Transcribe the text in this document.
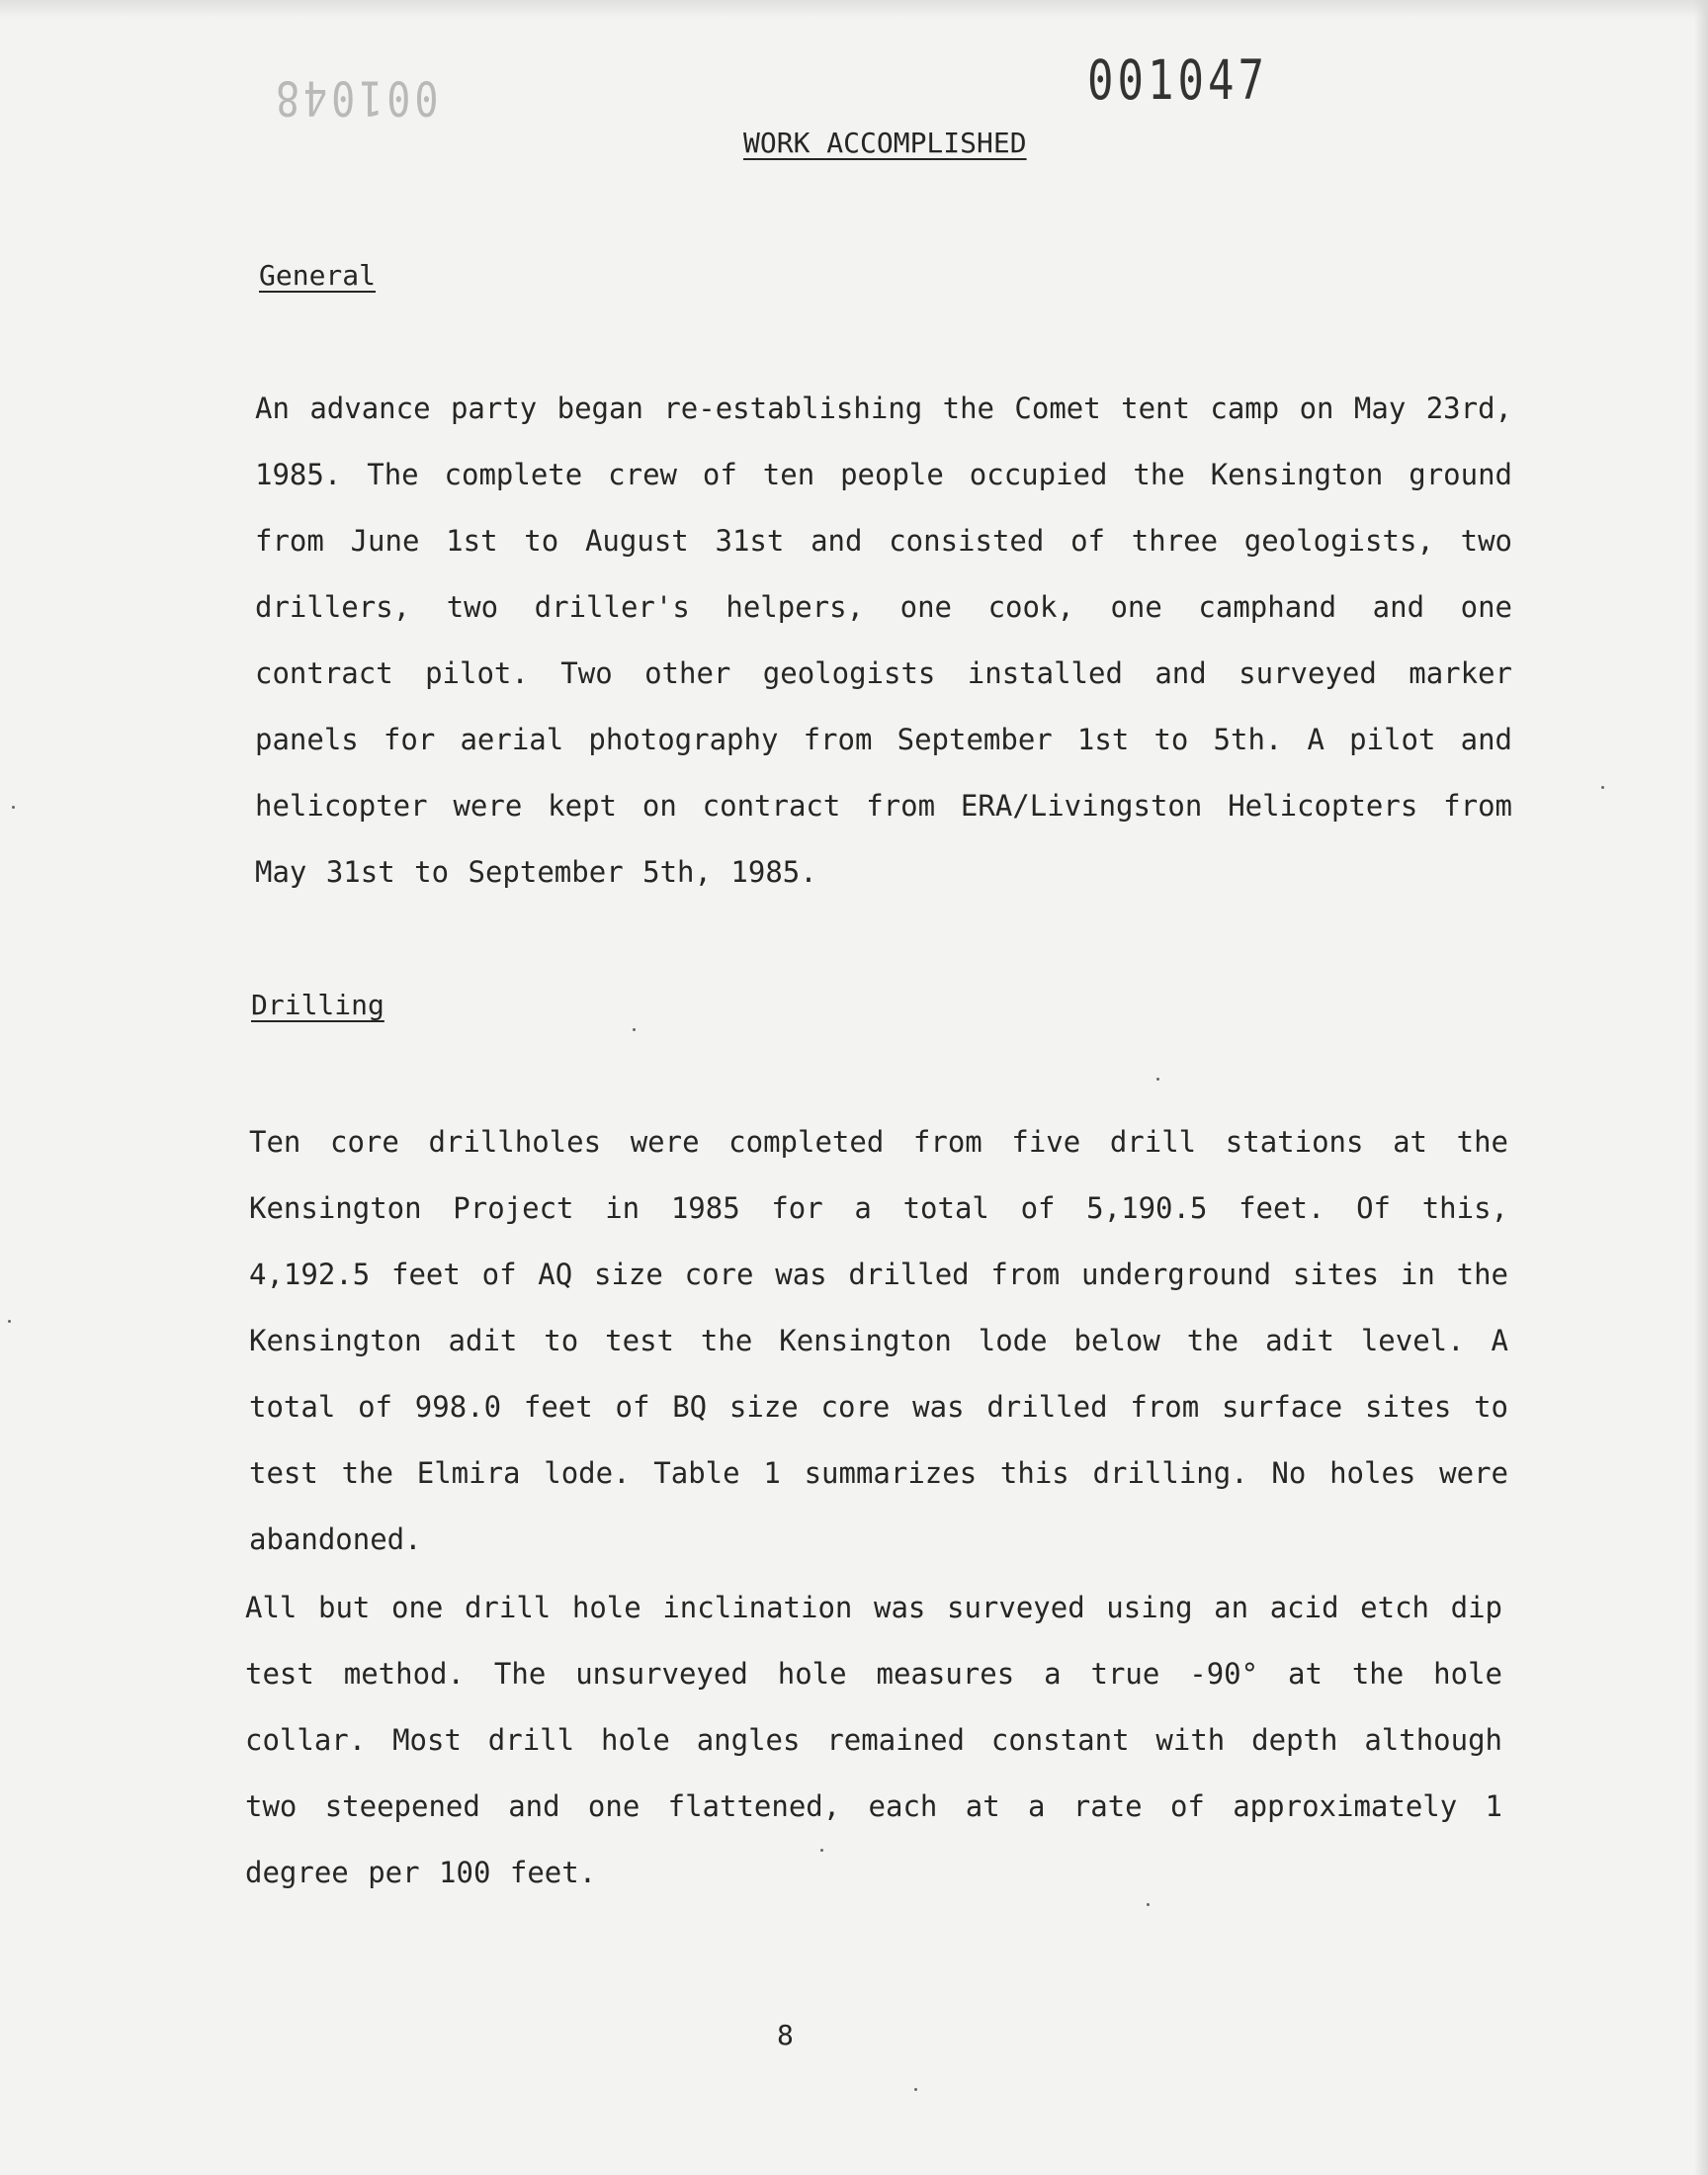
001048	001047
WORK ACCOMPLISHED
General

An advance party began re-establishing the Comet tent camp on May 23rd, 1985. The complete crew of ten people occupied the Kensington ground from June 1st to August 31st and consisted of three geologists, two drillers, two driller's helpers, one cook, one camphand and one contract pilot. Two other geologists installed and surveyed marker panels for aerial photography from September 1st to 5th. A pilot and helicopter were kept on contract from ERA/Livingston Helicopters from May 31st to September 5th, 1985.

Drilling

Ten core drillholes were completed from five drill stations at the Kensington Project in 1985 for a total of 5,190.5 feet. Of this, 4,192.5 feet of AQ size core was drilled from underground sites in the Kensington adit to test the Kensington lode below the adit level. A total of 998.0 feet of BQ size core was drilled from surface sites to test the Elmira lode. Table 1 summarizes this drilling. No holes were abandoned.

All but one drill hole inclination was surveyed using an acid etch dip test method. The unsurveyed hole measures a true -90° at the hole collar. Most drill hole angles remained constant with depth although two steepened and one flattened, each at a rate of approximately 1 degree per 100 feet.

8
